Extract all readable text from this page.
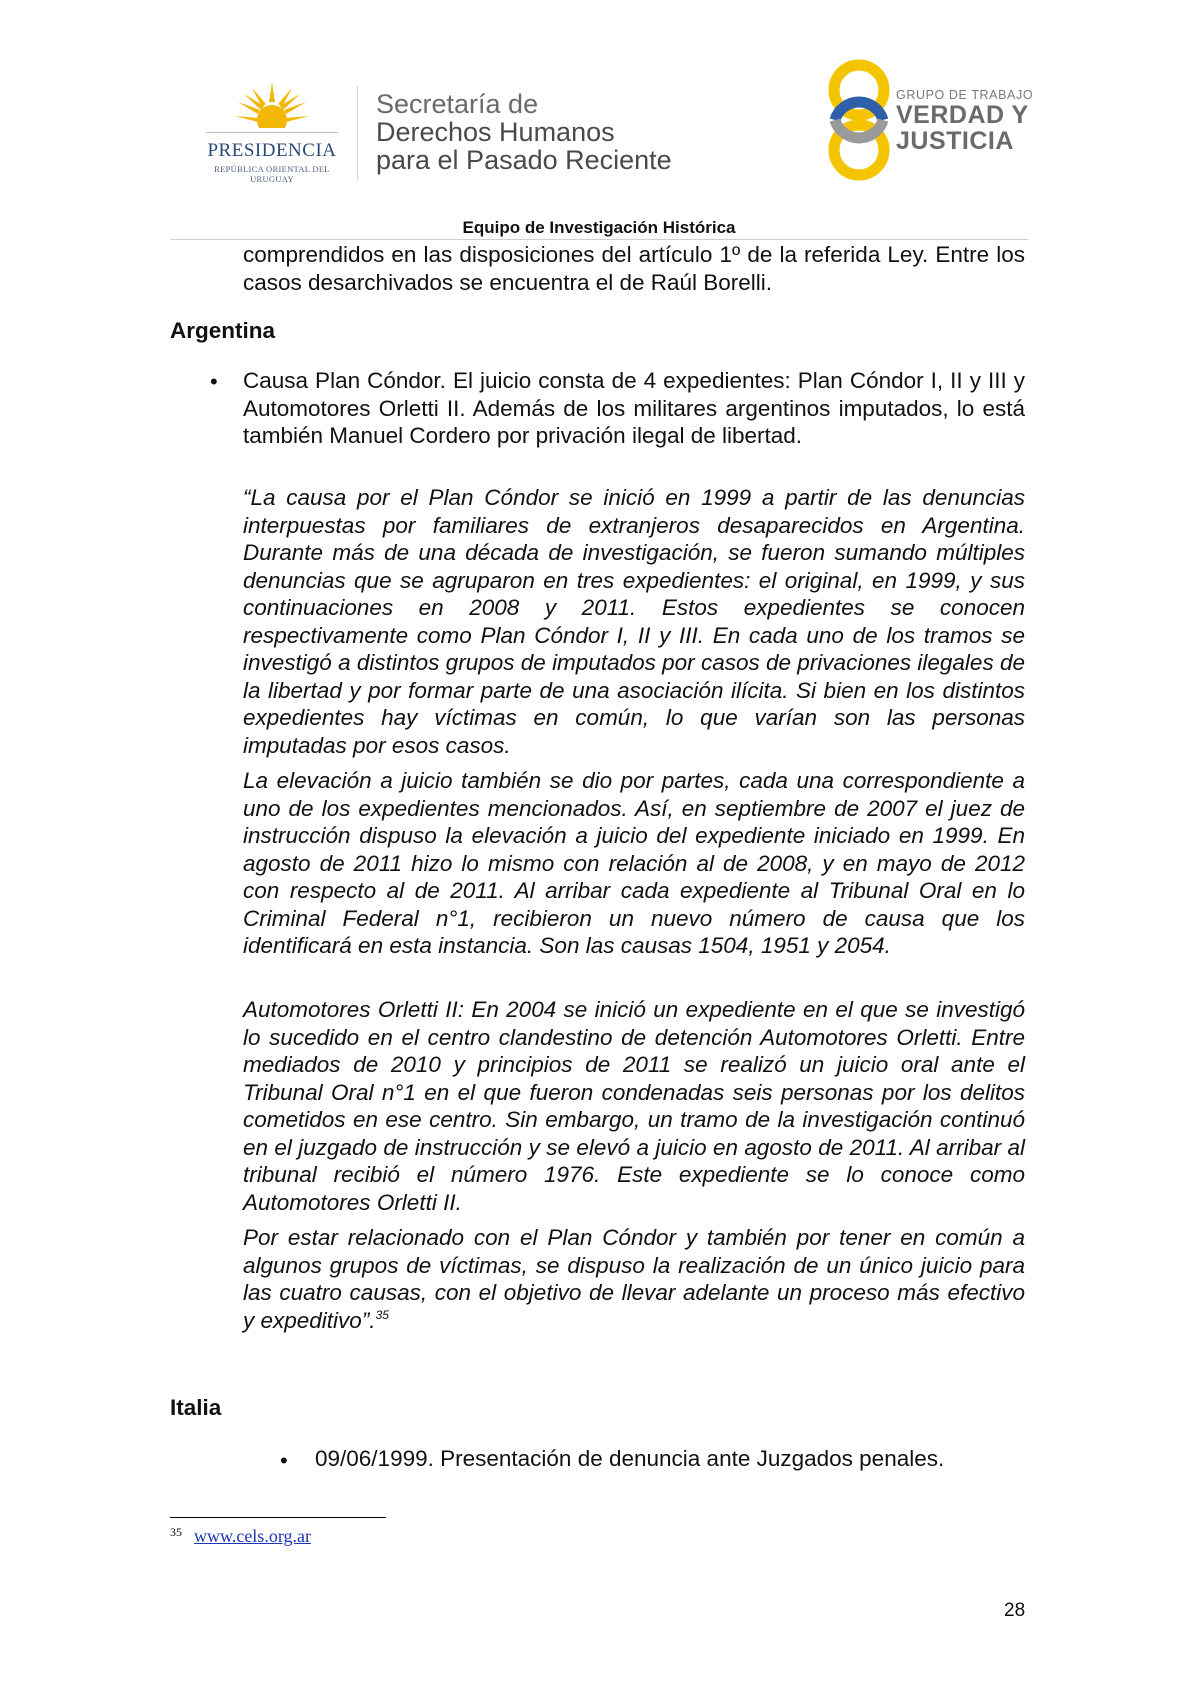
PRESIDENCIA
REPÚBLICA ORIENTAL DEL URUGUAY
Secretaría de
Derechos Humanos
para el Pasado Reciente
GRUPO DE TRABAJO
VERDAD Y
JUSTICIA
Equipo de Investigación Histórica

comprendidos en las disposiciones del artículo 1º de la referida Ley. Entre los casos desarchivados se encuentra el de Raúl Borelli.

Argentina
• Causa Plan Cóndor. El juicio consta de 4 expedientes: Plan Cóndor I, II y III y Automotores Orletti II. Además de los militares argentinos imputados, lo está también Manuel Cordero por privación ilegal de libertad.

“La causa por el Plan Cóndor se inició en 1999 a partir de las denuncias interpuestas por familiares de extranjeros desaparecidos en Argentina. Durante más de una década de investigación, se fueron sumando múltiples denuncias que se agruparon en tres expedientes: el original, en 1999, y sus continuaciones en 2008 y 2011. Estos expedientes se conocen respectivamente como Plan Cóndor I, II y III. En cada uno de los tramos se investigó a distintos grupos de imputados por casos de privaciones ilegales de la libertad y por formar parte de una asociación ilícita. Si bien en los distintos expedientes hay víctimas en común, lo que varían son las personas imputadas por esos casos.

La elevación a juicio también se dio por partes, cada una correspondiente a uno de los expedientes mencionados. Así, en septiembre de 2007 el juez de instrucción dispuso la elevación a juicio del expediente iniciado en 1999. En agosto de 2011 hizo lo mismo con relación al de 2008, y en mayo de 2012 con respecto al de 2011. Al arribar cada expediente al Tribunal Oral en lo Criminal Federal n°1, recibieron un nuevo número de causa que los identificará en esta instancia. Son las causas 1504, 1951 y 2054.

Automotores Orletti II: En 2004 se inició un expediente en el que se investigó lo sucedido en el centro clandestino de detención Automotores Orletti. Entre mediados de 2010 y principios de 2011 se realizó un juicio oral ante el Tribunal Oral n°1 en el que fueron condenadas seis personas por los delitos cometidos en ese centro. Sin embargo, un tramo de la investigación continuó en el juzgado de instrucción y se elevó a juicio en agosto de 2011. Al arribar al tribunal recibió el número 1976. Este expediente se lo conoce como Automotores Orletti II.

Por estar relacionado con el Plan Cóndor y también por tener en común a algunos grupos de víctimas, se dispuso la realización de un único juicio para las cuatro causas, con el objetivo de llevar adelante un proceso más efectivo y expeditivo”.$^{35}$

Italia
• 09/06/1999. Presentación de denuncia ante Juzgados penales.
$^{35}$ www.cels.org.ar
28
